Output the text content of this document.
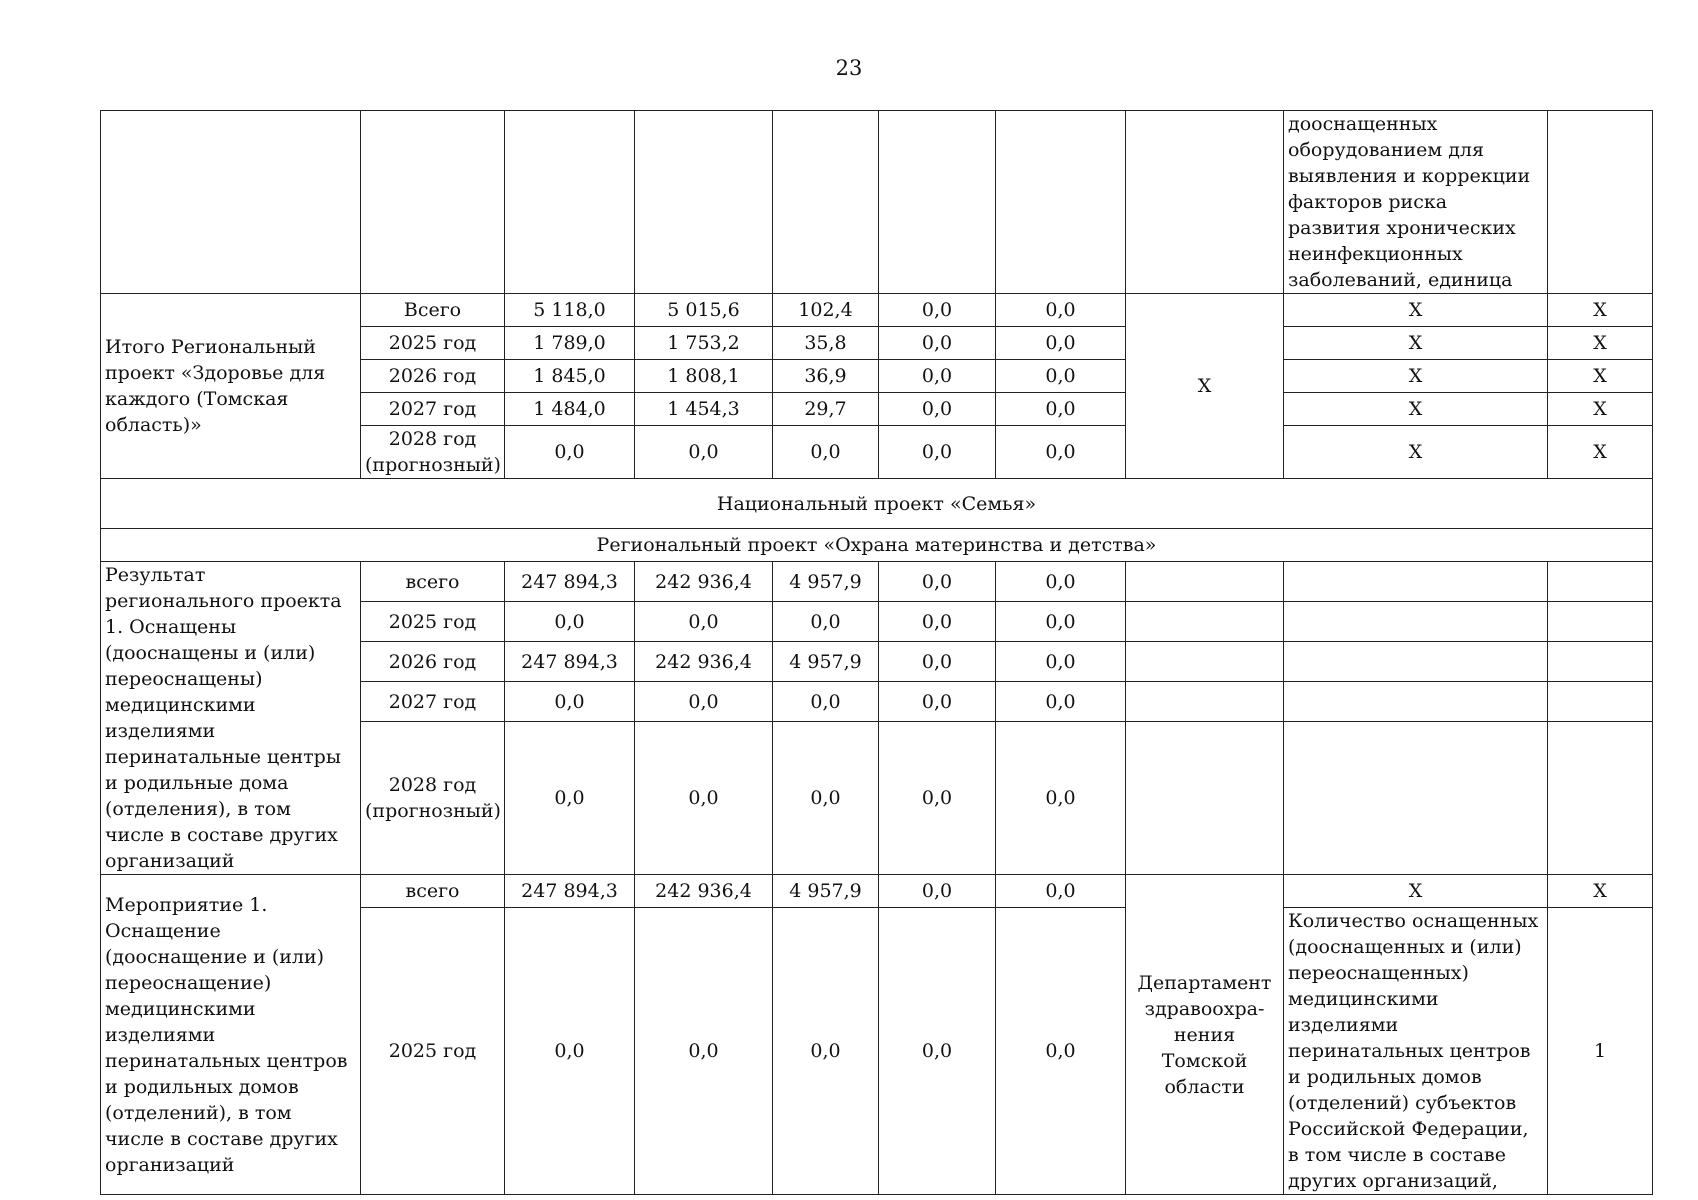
23
								дооснащенных оборудованием для выявления и коррекции факторов риска развития хронических неинфекционных заболеваний, единица	
Итого Региональный проект «Здоровье для каждого (Томская область)»	Всего	5 118,0	5 015,6	102,4	0,0	0,0	X	X	X
	2025 год	1 789,0	1 753,2	35,8	0,0	0,0		X	X
	2026 год	1 845,0	1 808,1	36,9	0,0	0,0		X	X
	2027 год	1 484,0	1 454,3	29,7	0,0	0,0		X	X
	2028 год (прогнозный)	0,0	0,0	0,0	0,0	0,0		X	X
Национальный проект «Семья»									
Региональный проект «Охрана материнства и детства»									
Результат регионального проекта 1. Оснащены (дооснащены и (или) переоснащены) медицинскими изделиями перинатальные центры и родильные дома (отделения), в том числе в составе других организаций	всего	247 894,3	242 936,4	4 957,9	0,0	0,0			
	2025 год	0,0	0,0	0,0	0,0	0,0			
	2026 год	247 894,3	242 936,4	4 957,9	0,0	0,0			
	2027 год	0,0	0,0	0,0	0,0	0,0			
	2028 год (прогнозный)	0,0	0,0	0,0	0,0	0,0			
Мероприятие 1. Оснащение (дооснащение и (или) переоснащение) медицинскими изделиями перинатальных центров и родильных домов (отделений), в том числе в составе других организаций	всего	247 894,3	242 936,4	4 957,9	0,0	0,0	Департамент здравоохра-нения Томской области	X	X
	2025 год	0,0	0,0	0,0	0,0	0,0		Количество оснащенных (дооснащенных и (или) переоснащенных) медицинскими изделиями перинатальных центров и родильных домов (отделений) субъектов Российской Федерации, в том числе в составе других организаций,	1
